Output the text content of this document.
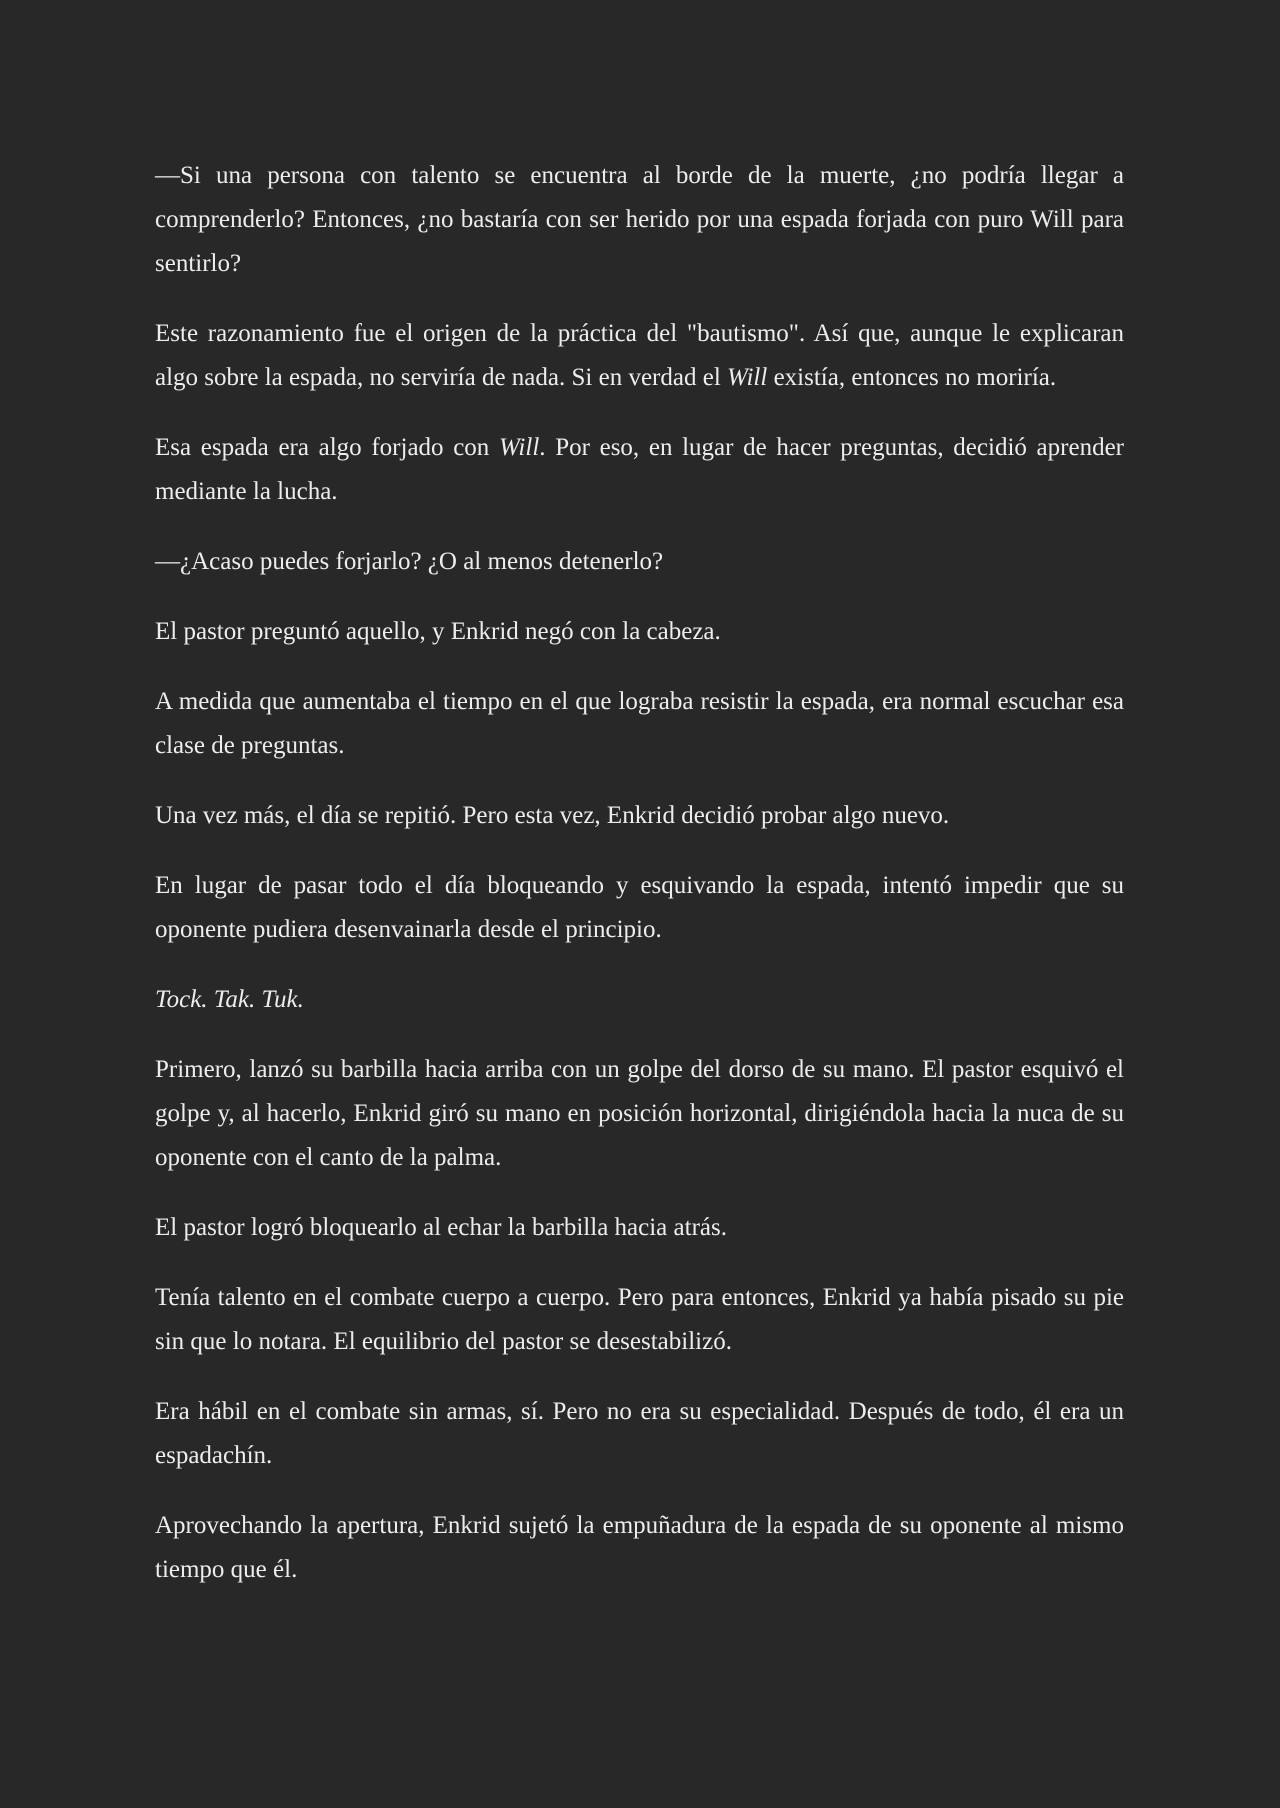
—Si una persona con talento se encuentra al borde de la muerte, ¿no podría llegar a comprenderlo? Entonces, ¿no bastaría con ser herido por una espada forjada con puro Will para sentirlo?

Este razonamiento fue el origen de la práctica del "bautismo". Así que, aunque le explicaran algo sobre la espada, no serviría de nada. Si en verdad el Will existía, entonces no moriría.

Esa espada era algo forjado con Will. Por eso, en lugar de hacer preguntas, decidió aprender mediante la lucha.

—¿Acaso puedes forjarlo? ¿O al menos detenerlo?

El pastor preguntó aquello, y Enkrid negó con la cabeza.

A medida que aumentaba el tiempo en el que lograba resistir la espada, era normal escuchar esa clase de preguntas.

Una vez más, el día se repitió. Pero esta vez, Enkrid decidió probar algo nuevo.

En lugar de pasar todo el día bloqueando y esquivando la espada, intentó impedir que su oponente pudiera desenvainarla desde el principio.

Tock. Tak. Tuk.

Primero, lanzó su barbilla hacia arriba con un golpe del dorso de su mano. El pastor esquivó el golpe y, al hacerlo, Enkrid giró su mano en posición horizontal, dirigiéndola hacia la nuca de su oponente con el canto de la palma.

El pastor logró bloquearlo al echar la barbilla hacia atrás.

Tenía talento en el combate cuerpo a cuerpo. Pero para entonces, Enkrid ya había pisado su pie sin que lo notara. El equilibrio del pastor se desestabilizó.

Era hábil en el combate sin armas, sí. Pero no era su especialidad. Después de todo, él era un espadachín.

Aprovechando la apertura, Enkrid sujetó la empuñadura de la espada de su oponente al mismo tiempo que él.
